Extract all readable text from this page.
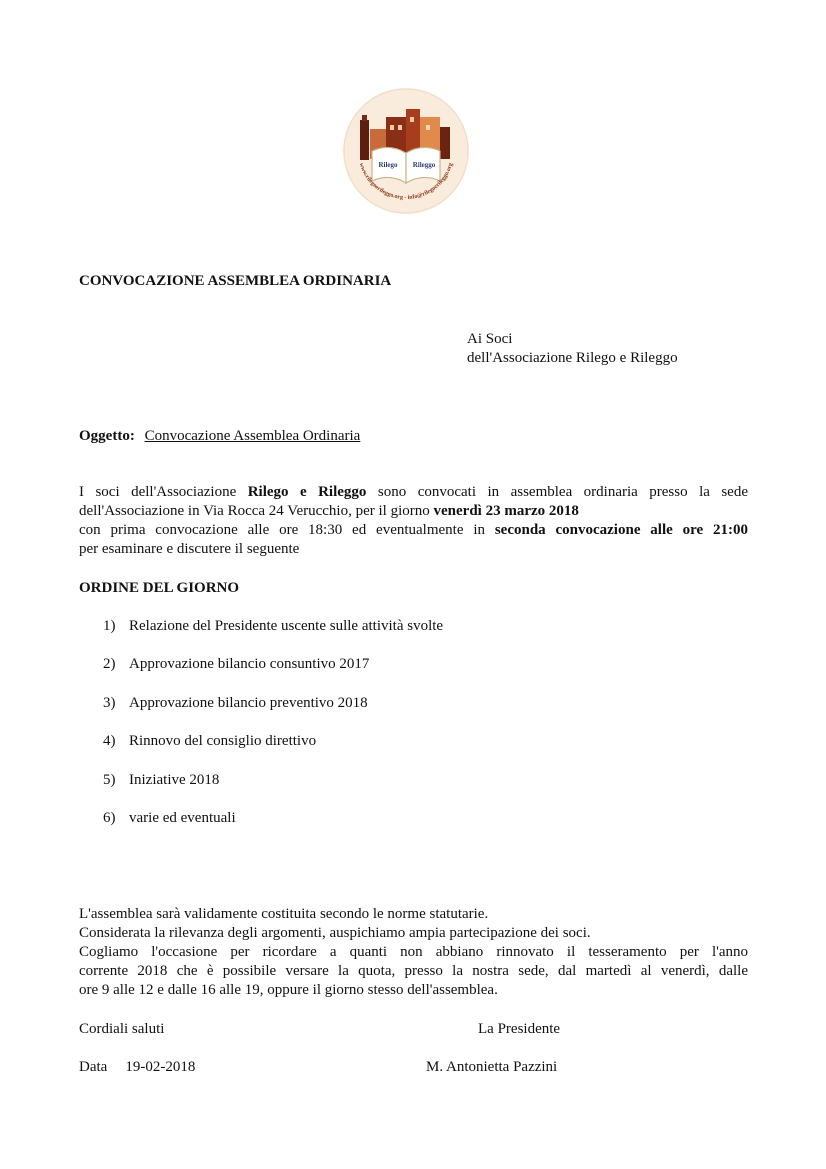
Rilego Rileggo
www.rilegoerileggo.org - info@rilegoerileggo.org
CONVOCAZIONE ASSEMBLEA ORDINARIA
Ai Soci
dell'Associazione Rilego e Rileggo
Oggetto: Convocazione Assemblea Ordinaria
I soci dell'Associazione Rilego e Rileggo sono convocati in assemblea ordinaria presso la sede
dell'Associazione in Via Rocca 24 Verucchio, per il giorno venerdì 23 marzo 2018
con prima convocazione alle ore 18:30 ed eventualmente in seconda convocazione alle ore 21:00
per esaminare e discutere il seguente
ORDINE DEL GIORNO
1) Relazione del Presidente uscente sulle attività svolte
2) Approvazione bilancio consuntivo 2017
3) Approvazione bilancio preventivo 2018
4) Rinnovo del consiglio direttivo
5) Iniziative 2018
6) varie ed eventuali
L'assemblea sarà validamente costituita secondo le norme statutarie.
Considerata la rilevanza degli argomenti, auspichiamo ampia partecipazione dei soci.
Cogliamo l'occasione per ricordare a quanti non abbiano rinnovato il tesseramento per l'anno
corrente 2018 che è possibile versare la quota, presso la nostra sede, dal martedì al venerdì, dalle
ore 9 alle 12 e dalle 16 alle 19, oppure il giorno stesso dell'assemblea.
Cordiali saluti	La Presidente
Data 19-02-2018	M. Antonietta Pazzini
